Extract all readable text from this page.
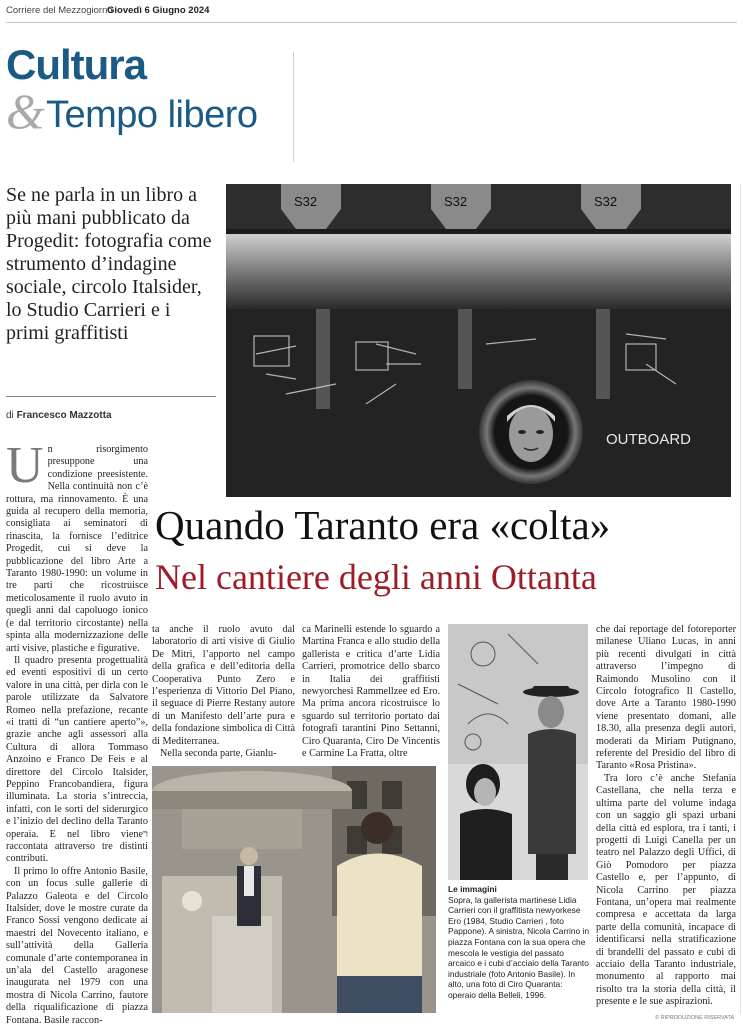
Corriere del Mezzogiorno
Giovedì 6 Giugno 2024
Cultura
& Tempo libero
Se ne parla in un libro a più mani pubblicato da Progedit: fotografia come strumento d’indagine sociale, circolo Italsider, lo Studio Carrieri e i primi graffitisti
di Francesco Mazzotta
S32	S32	S32
OUTBOARD
Quando Taranto era «colta»
Nel cantiere degli anni Ottanta

Un risorgimento presuppone una condizione preesistente. Nella continuità non c’è rottura, ma rinnovamento. È una guida al recupero della memoria, consigliata ai seminatori di rinascita, la fornisce l’editrice Progedit, cui si deve la pubblicazione del libro Arte a Taranto 1980-1990: un volume in tre parti che ricostruisce meticolosamente il ruolo avuto in quegli anni dal capoluogo ionico (e dal territorio circostante) nella spinta alla modernizzazione delle arti visive, plastiche e figurative.

Il quadro presenta progettualità ed eventi espositivi di un certo valore in una città, per dirla con le parole utilizzate da Salvatore Romeo nella prefazione, recante «i tratti di “un cantiere aperto”», grazie anche agli assessori alla Cultura di allora Tommaso Anzoino e Franco De Feis e al direttore del Circolo Italsider, Peppino Francobandiera, figura illuminata. La storia s’intreccia, infatti, con le sorti del siderurgico e l’inizio del declino della Taranto operaia. E nel libro vieneר raccontata attraverso tre distinti contributi.

Il primo lo offre Antonio Basile, con un focus sulle gallerie di Palazzo Galeota e del Circolo Italsider, dove le mostre curate da Franco Sossi vengono dedicate ai maestri del Novecento italiano, e sull’attività della Galleria comunale d’arte contemporanea in un’ala del Castello aragonese inaugurata nel 1979 con una mostra di Nicola Carrino, fautore della riqualificazione di piazza Fontana. Basile raccon-

ta anche il ruolo avuto dal laboratorio di arti visive di Giulio De Mitri, l’apporto nel campo della grafica e dell’editoria della Cooperativa Punto Zero e l’esperienza di Vittorio Del Piano, il seguace di Pierre Restany autore di un Manifesto dell’arte pura e della fondazione simbolica di Città di Mediterranea.

Nella seconda parte, Gianlu-

ca Marinelli estende lo sguardo a Martina Franca e allo studio della gallerista e critica d’arte Lidia Carrieri, promotrice dello sbarco in Italia dei graffitisti newyorchesi Rammellzee ed Ero. Ma prima ancora ricostruisce lo sguardo sul territorio portato dai fotografi tarantini Pino Settanni, Ciro Quaranta, Ciro De Vincentis e Carmine La Fratta, oltre

Le immagini
Sopra, la gallerista martinese Lidia Carrieri con il graffitista newyorkese Ero (1984, Studio Carrieri , foto Pappone). A sinistra, Nicola Carrino in piazza Fontana con la sua opera che mescola le vestigia del passato arcaico e i cubi d’acciaio della Taranto industriale (foto Antonio Basile). In alto, una foto di Ciro Quaranta: operaio della Belleli, 1996.

che dai reportage del fotoreporter milanese Uliano Lucas, in anni più recenti divulgati in città attraverso l’impegno di Raimondo Musolino con il Circolo fotografico Il Castello, dove Arte a Taranto 1980-1990 viene presentato domani, alle 18.30, alla presenza degli autori, moderati da Miriam Putignano, referente del Presidio del libro di Taranto «Rosa Pristina».

Tra loro c’è anche Stefania Castellana, che nella terza e ultima parte del volume indaga con un saggio gli spazi urbani della città ed esplora, tra i tanti, i progetti di Luigi Canella per un teatro nel Palazzo degli Uffici, di Giò Pomodoro per piazza Castello e, per l’appunto, di Nicola Carrino per piazza Fontana, un’opera mai realmente compresa e accettata da larga parte della comunità, incapace di identificarsi nella stratificazione di brandelli del passato e cubi di acciaio della Taranto industriale, monumento al rapporto mai risolto tra la storia della città, il presente e le sue aspirazioni.

© RIPRODUZIONE RISERVATA
